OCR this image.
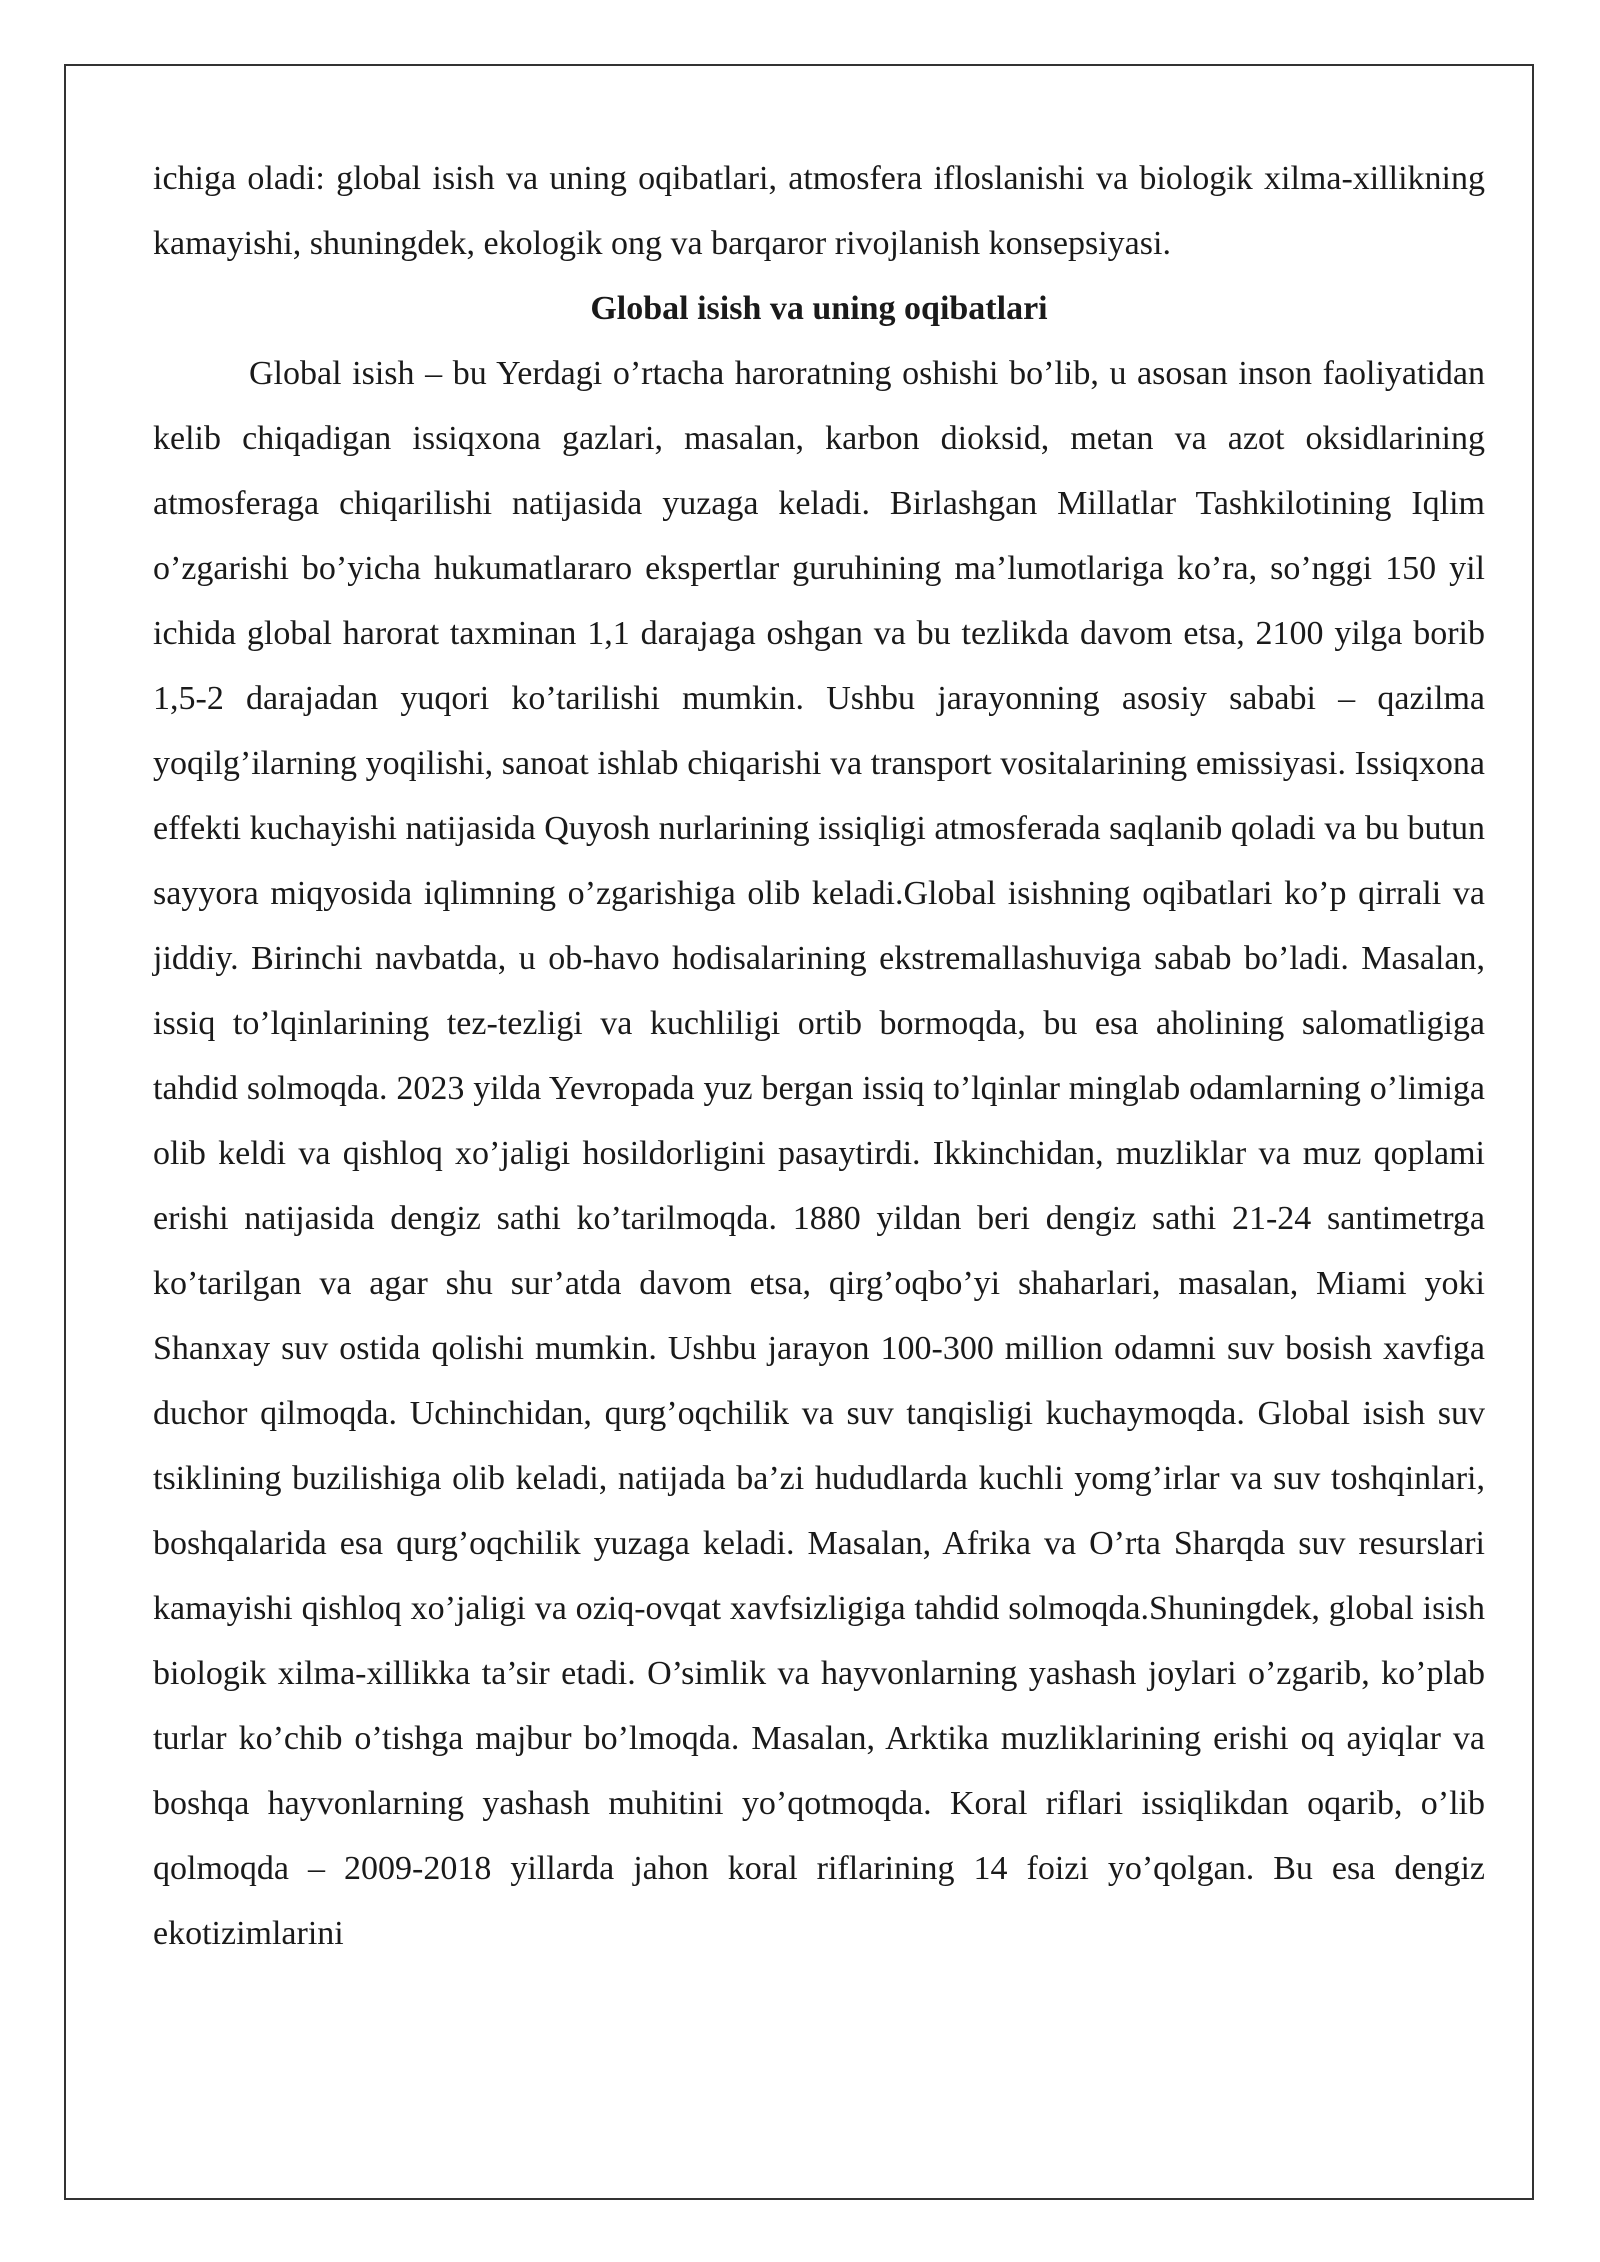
ichiga oladi: global isish va uning oqibatlari, atmosfera ifloslanishi va biologik xilma-xillikning kamayishi, shuningdek, ekologik ong va barqaror rivojlanish konsepsiyasi.

Global isish va uning oqibatlari

Global isish – bu Yerdagi o’rtacha haroratning oshishi bo’lib, u asosan inson faoliyatidan kelib chiqadigan issiqxona gazlari, masalan, karbon dioksid, metan va azot oksidlarining atmosferaga chiqarilishi natijasida yuzaga keladi. Birlashgan Millatlar Tashkilotining Iqlim o’zgarishi bo’yicha hukumatlararo ekspertlar guruhining ma’lumotlariga ko’ra, so’nggi 150 yil ichida global harorat taxminan 1,1 darajaga oshgan va bu tezlikda davom etsa, 2100 yilga borib 1,5-2 darajadan yuqori ko’tarilishi mumkin. Ushbu jarayonning asosiy sababi – qazilma yoqilg’ilarning yoqilishi, sanoat ishlab chiqarishi va transport vositalarining emissiyasi. Issiqxona effekti kuchayishi natijasida Quyosh nurlarining issiqligi atmosferada saqlanib qoladi va bu butun sayyora miqyosida iqlimning o’zgarishiga olib keladi.Global isishning oqibatlari ko’p qirrali va jiddiy. Birinchi navbatda, u ob-havo hodisalarining ekstremallashuviga sabab bo’ladi. Masalan, issiq to’lqinlarining tez-tezligi va kuchliligi ortib bormoqda, bu esa aholining salomatligiga tahdid solmoqda. 2023 yilda Yevropada yuz bergan issiq to’lqinlar minglab odamlarning o’limiga olib keldi va qishloq xo’jaligi hosildorligini pasaytirdi. Ikkinchidan, muzliklar va muz qoplami erishi natijasida dengiz sathi ko’tarilmoqda. 1880 yildan beri dengiz sathi 21-24 santimetrga ko’tarilgan va agar shu sur’atda davom etsa, qirg’oqbo’yi shaharlari, masalan, Miami yoki Shanxay suv ostida qolishi mumkin. Ushbu jarayon 100-300 million odamni suv bosish xavfiga duchor qilmoqda. Uchinchidan, qurg’oqchilik va suv tanqisligi kuchaymoqda. Global isish suv tsiklining buzilishiga olib keladi, natijada ba’zi hududlarda kuchli yomg’irlar va suv toshqinlari, boshqalarida esa qurg’oqchilik yuzaga keladi. Masalan, Afrika va O’rta Sharqda suv resurslari kamayishi qishloq xo’jaligi va oziq-ovqat xavfsizligiga tahdid solmoqda.Shuningdek, global isish biologik xilma-xillikka ta’sir etadi. O’simlik va hayvonlarning yashash joylari o’zgarib, ko’plab turlar ko’chib o’tishga majbur bo’lmoqda. Masalan, Arktika muzliklarining erishi oq ayiqlar va boshqa hayvonlarning yashash muhitini yo’qotmoqda. Koral riflari issiqlikdan oqarib, o’lib qolmoqda – 2009-2018 yillarda jahon koral riflarining 14 foizi yo’qolgan. Bu esa dengiz ekotizimlarini
